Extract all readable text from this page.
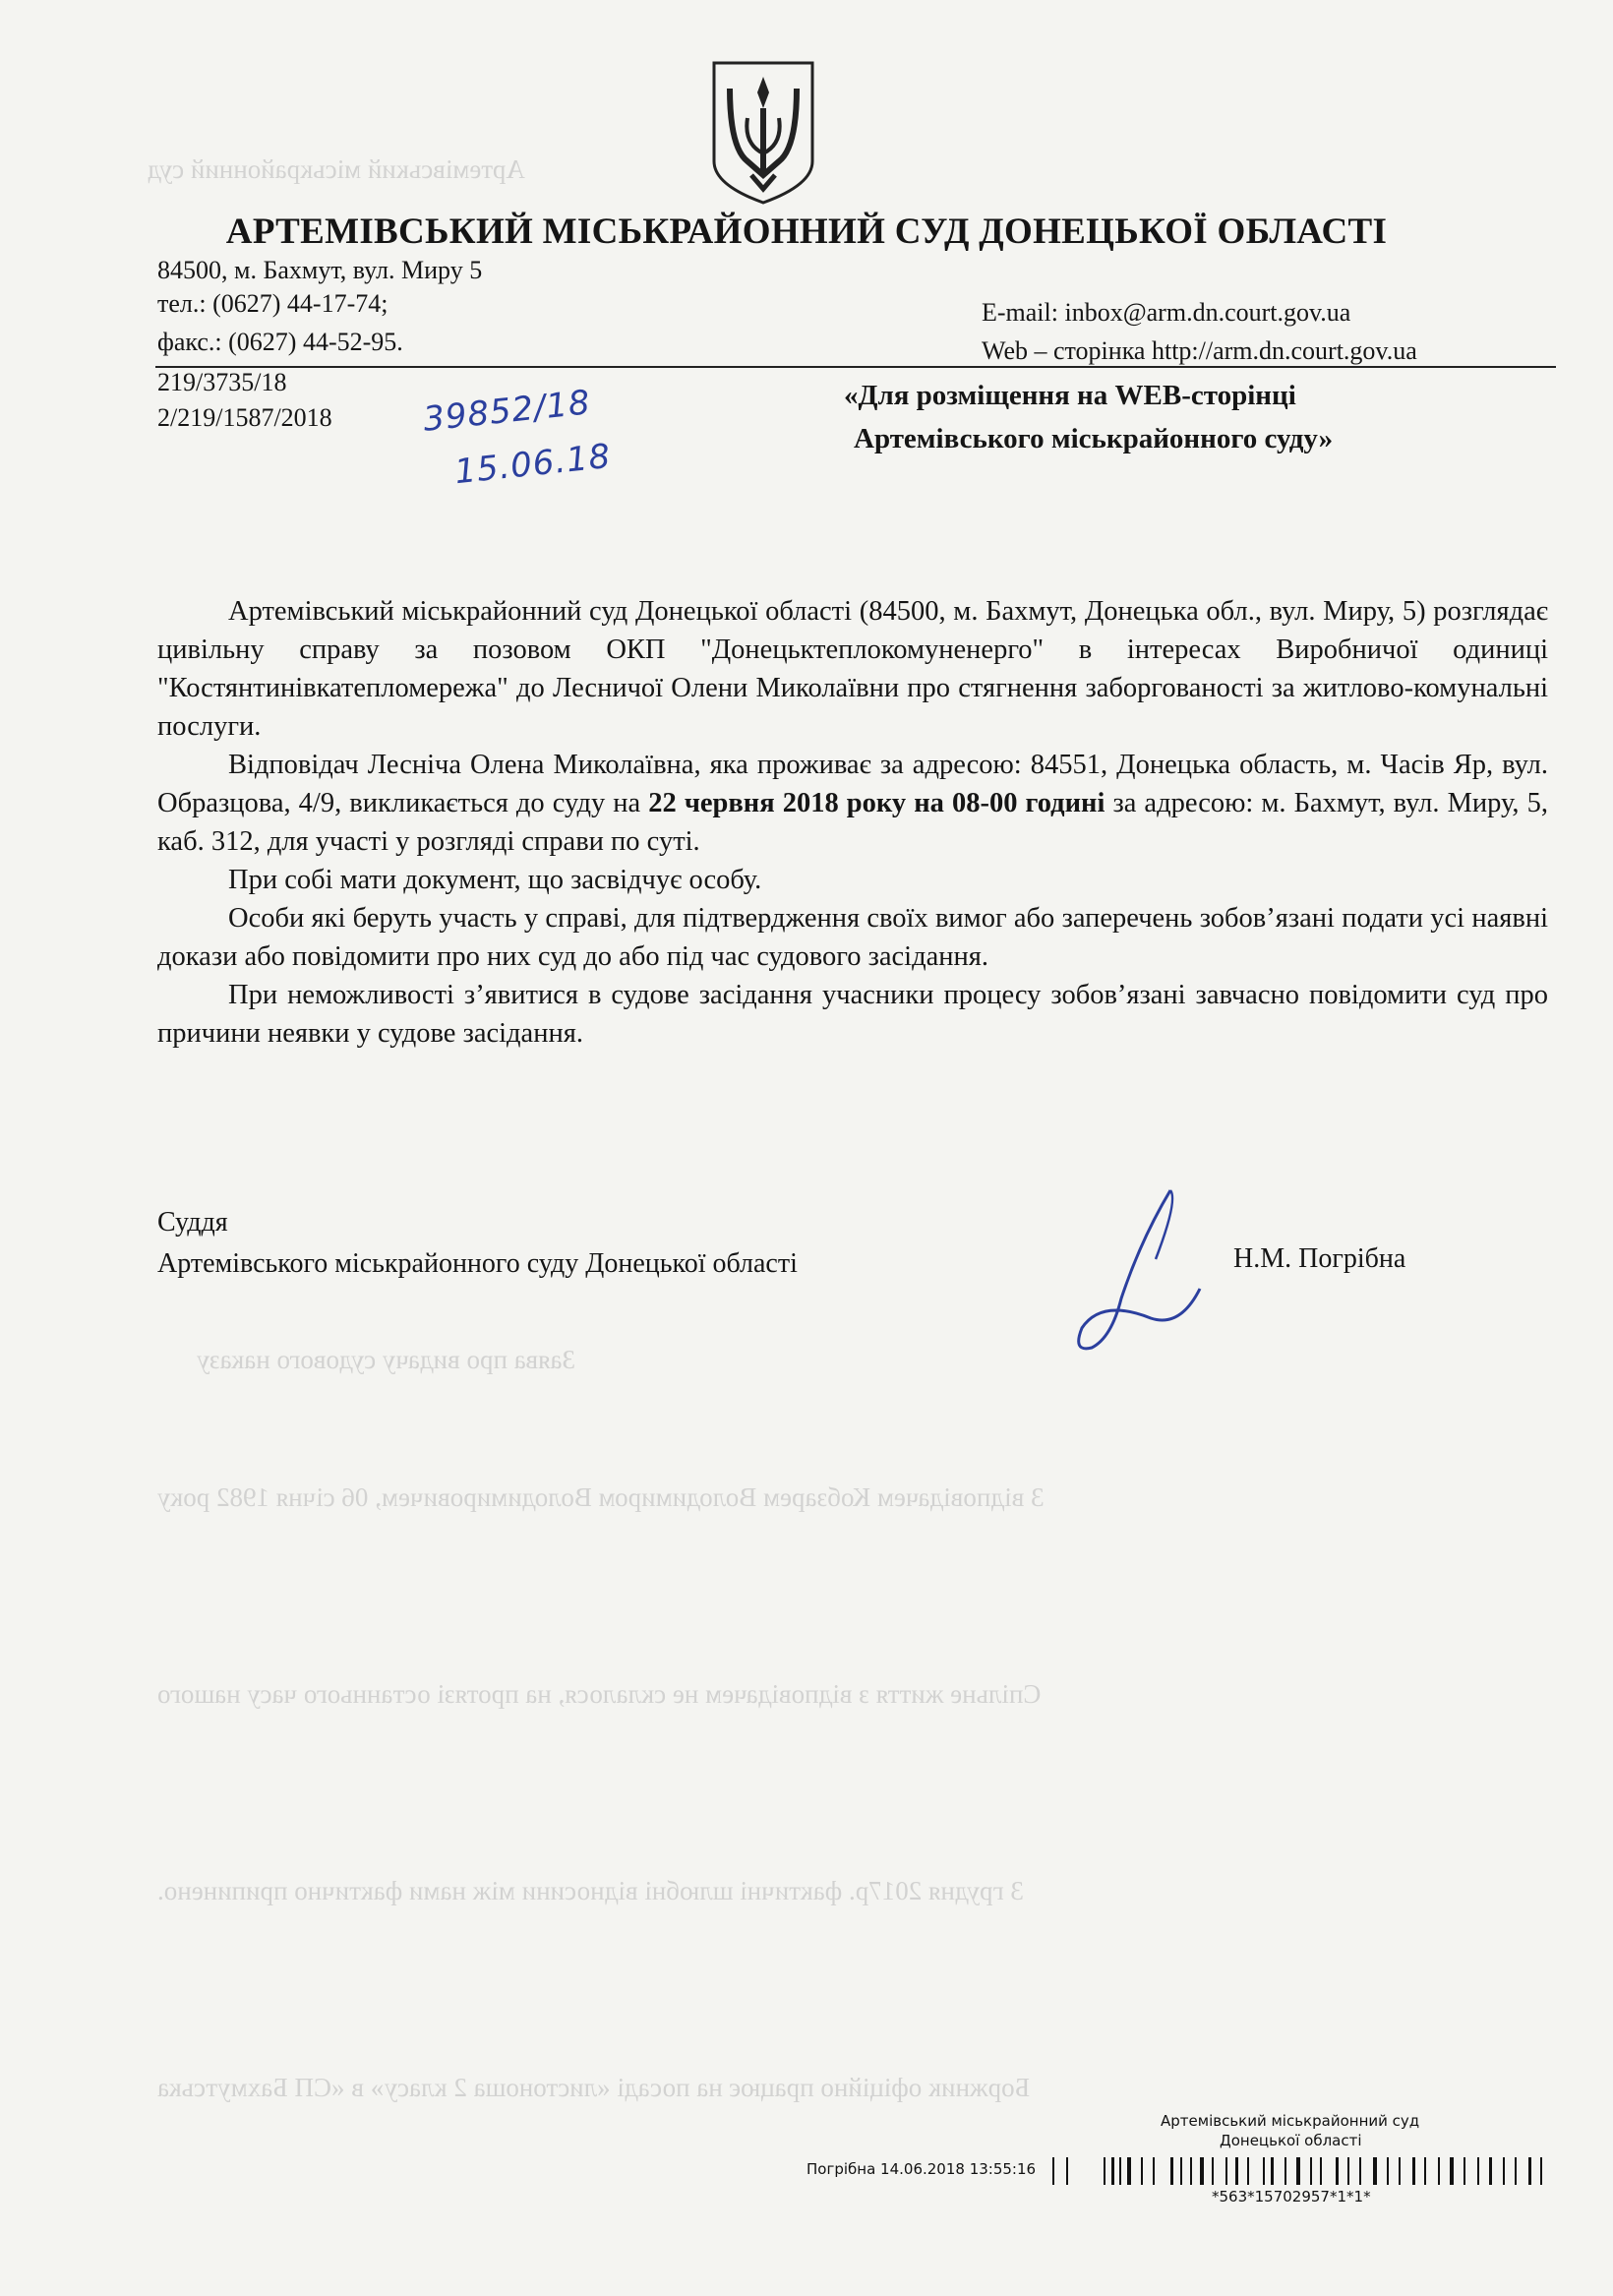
Артемівський міськрайонний суд
Заява про видачу судового наказу
3 відповідачем Кобзарем Володимиром Володимировичем, 06 січня 1982 року
Спільне життя з відповідачем не склалося, на протязі останнього часу нашого
3 грудня 2017р. фактичні шлюбні відносини між нами фактично припинено.
Боржник офіційно працює на посаді «листоноша 2 класу» в «СП Бахмутська
АРТЕМІВСЬКИЙ МІСЬКРАЙОННИЙ СУД ДОНЕЦЬКОЇ ОБЛАСТІ
84500, м. Бахмут, вул. Миру 5
тел.: (0627) 44-17-74;
факс.: (0627) 44-52-95.
E-mail: inbox@arm.dn.court.gov.ua
Web – сторінка http://arm.dn.court.gov.ua
219/3735/18
2/219/1587/2018	39852/18
15.06.18
«Для розміщення на WEB-сторінці
Артемівського міськрайонного суду»

Артемівський міськрайонний суд Донецької області (84500, м. Бахмут, Донецька обл., вул. Миру, 5) розглядає цивільну справу за позовом ОКП "Донецьктеплокомуненерго" в інтересах Виробничої одиниці "Костянтинівкатепломережа" до Лесничої Олени Миколаївни про стягнення заборгованості за житлово-комунальні послуги.

Відповідач Лесніча Олена Миколаївна, яка проживає за адресою: 84551, Донецька область, м. Часів Яр, вул. Образцова, 4/9, викликається до суду на 22 червня 2018 року на 08-00 годині за адресою: м. Бахмут, вул. Миру, 5, каб. 312, для участі у розгляді справи по суті.

При собі мати документ, що засвідчує особу.

Особи які беруть участь у справі, для підтвердження своїх вимог або заперечень зобов’язані подати усі наявні докази або повідомити про них суд до або під час судового засідання.

При неможливості з’явитися в судове засідання учасники процесу зобов’язані завчасно повідомити суд про причини неявки у судове засідання.

Суддя
Артемівського міськрайонного суду Донецької області	Н.М. Погрібна
Артемівський міськрайонний суд
Донецької області
Погрібна 14.06.2018 13:55:16
*563*15702957*1*1*
